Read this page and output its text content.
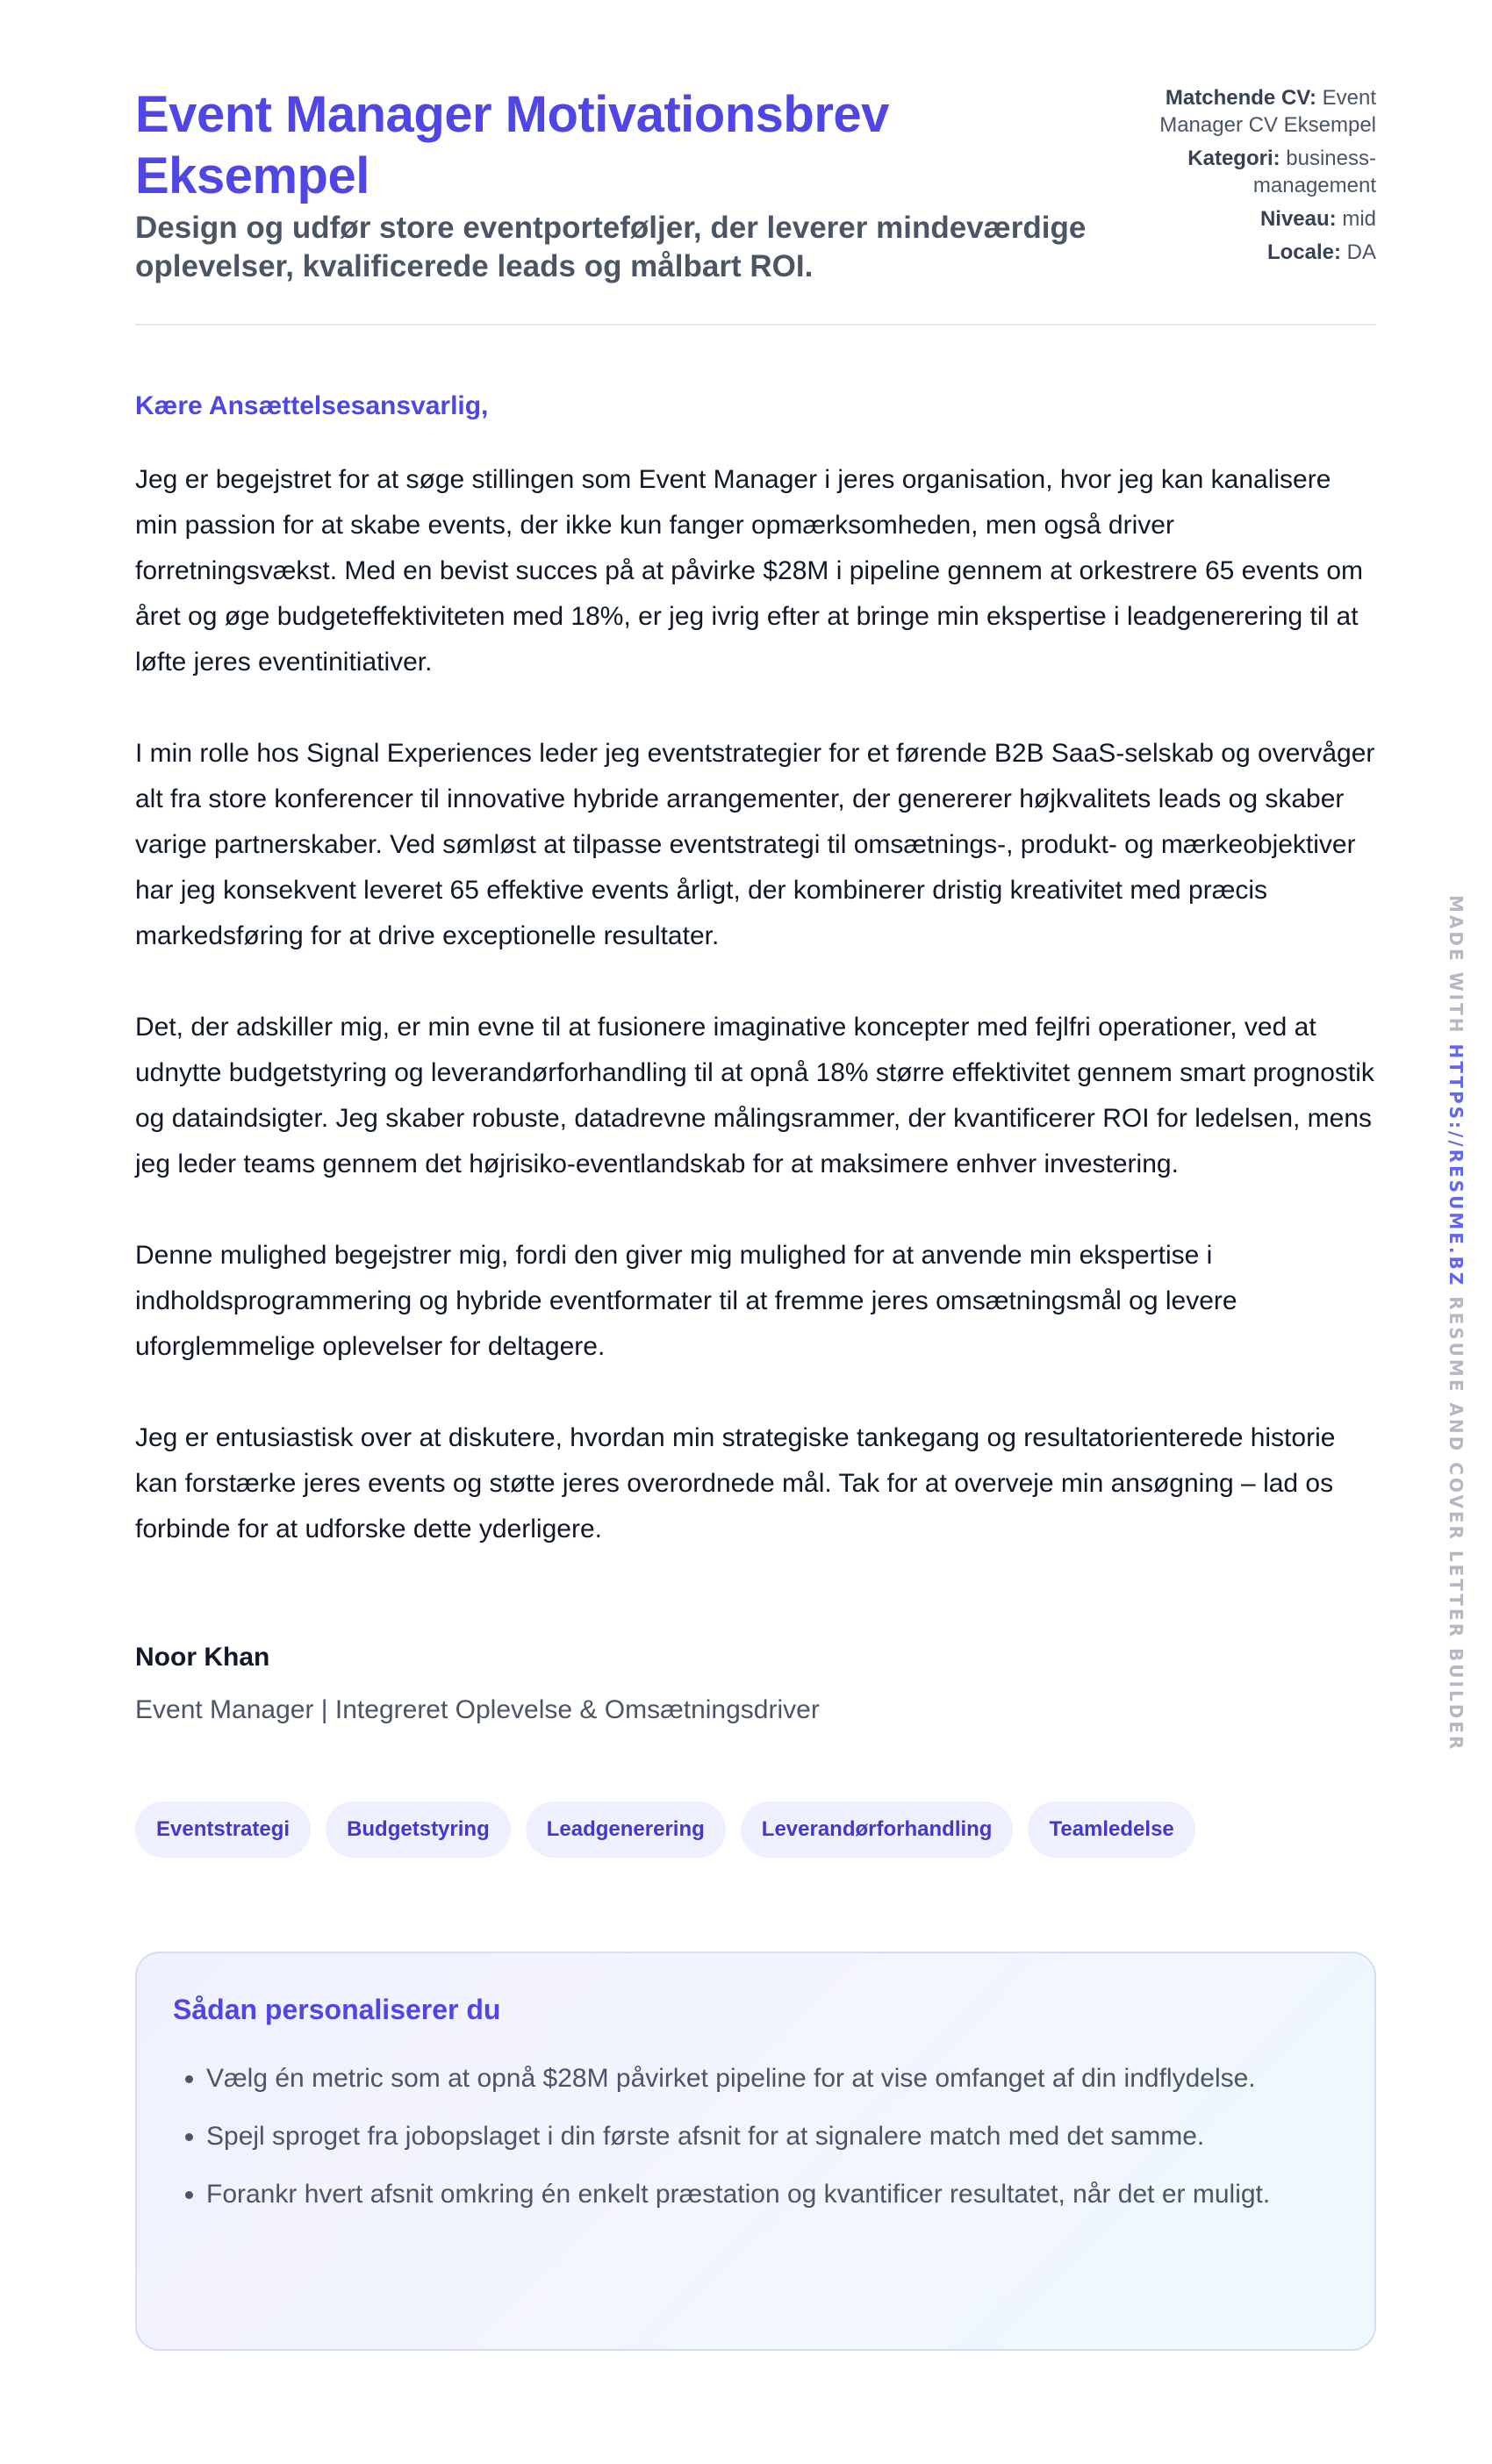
Event Manager Motivationsbrev Eksempel

Design og udfør store eventporteføljer, der leverer mindeværdige oplevelser, kvalificerede leads og målbart ROI.

Matchende CV: Event Manager CV Eksempel
Kategori: business-management
Niveau: mid
Locale: DA

Kære Ansættelsesansvarlig,

Jeg er begejstret for at søge stillingen som Event Manager i jeres organisation, hvor jeg kan kanalisere min passion for at skabe events, der ikke kun fanger opmærksomheden, men også driver forretningsvækst. Med en bevist succes på at påvirke $28M i pipeline gennem at orkestrere 65 events om året og øge budgeteffektiviteten med 18%, er jeg ivrig efter at bringe min ekspertise i leadgenerering til at løfte jeres eventinitiativer.

I min rolle hos Signal Experiences leder jeg eventstrategier for et førende B2B SaaS-selskab og overvåger alt fra store konferencer til innovative hybride arrangementer, der genererer højkvalitets leads og skaber varige partnerskaber. Ved sømløst at tilpasse eventstrategi til omsætnings-, produkt- og mærkeobjektiver har jeg konsekvent leveret 65 effektive events årligt, der kombinerer dristig kreativitet med præcis markedsføring for at drive exceptionelle resultater.

Det, der adskiller mig, er min evne til at fusionere imaginative koncepter med fejlfri operationer, ved at udnytte budgetstyring og leverandørforhandling til at opnå 18% større effektivitet gennem smart prognostik og dataindsigter. Jeg skaber robuste, datadrevne målingsrammer, der kvantificerer ROI for ledelsen, mens jeg leder teams gennem det højrisiko-eventlandskab for at maksimere enhver investering.

Denne mulighed begejstrer mig, fordi den giver mig mulighed for at anvende min ekspertise i indholdsprogrammering og hybride eventformater til at fremme jeres omsætningsmål og levere uforglemmelige oplevelser for deltagere.

Jeg er entusiastisk over at diskutere, hvordan min strategiske tankegang og resultatorienterede historie kan forstærke jeres events og støtte jeres overordnede mål. Tak for at overveje min ansøgning – lad os forbinde for at udforske dette yderligere.

Noor Khan

Event Manager | Integreret Oplevelse & Omsætningsdriver

Eventstrategi	Budgetstyring	Leadgenerering	Leverandørforhandling	Teamledelse
Sådan personaliserer du
• Vælg én metric som at opnå $28M påvirket pipeline for at vise omfanget af din indflydelse.
• Spejl sproget fra jobopslaget i din første afsnit for at signalere match med det samme.
• Forankr hvert afsnit omkring én enkelt præstation og kvantificer resultatet, når det er muligt.
MADE WITH HTTPS://RESUME.BZ RESUME AND COVER LETTER BUILDER
